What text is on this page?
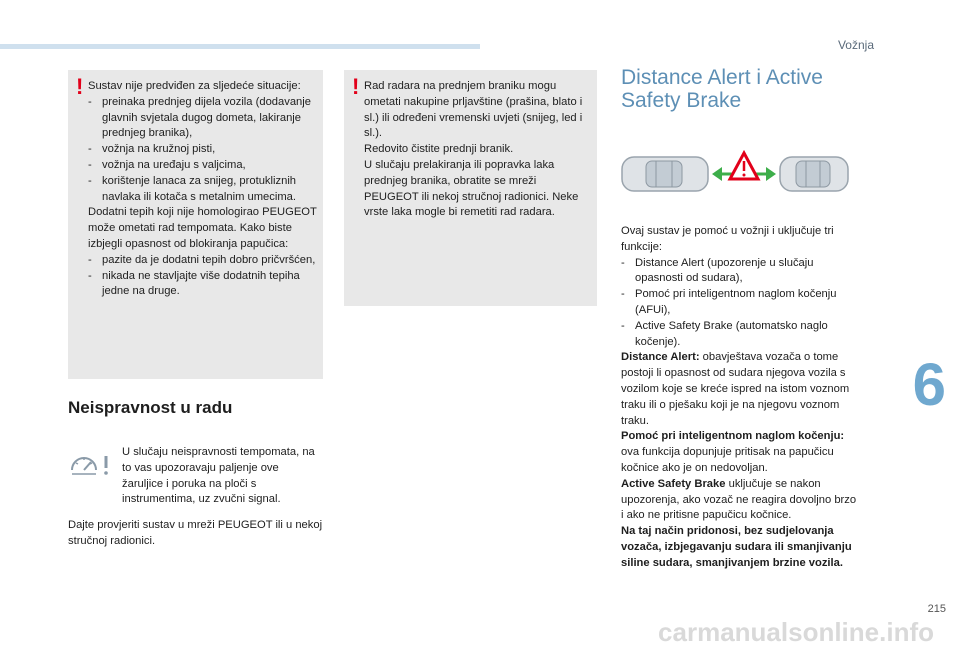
Vožnja
6
215
carmanualsonline.info
! Sustav nije predviđen za sljedeće situacije:

- preinaka prednjeg dijela vozila (dodavanje glavnih svjetala dugog dometa, lakiranje prednjeg branika),
- vožnja na kružnoj pisti,
- vožnja na uređaju s valjcima,
- korištenje lanaca za snijeg, protukliznih navlaka ili kotača s metalnim umecima.

Dodatni tepih koji nije homologirao PEUGEOT može ometati rad tempomata. Kako biste izbjegli opasnost od blokiranja papučica:

- pazite da je dodatni tepih dobro pričvršćen,
- nikada ne stavljajte više dodatnih tepiha jedne na druge.
! Rad radara na prednjem braniku mogu ometati nakupine prljavštine (prašina, blato i sl.) ili određeni vremenski uvjeti (snijeg, led i sl.).

Redovito čistite prednji branik.

U slučaju prelakiranja ili popravka laka prednjeg branika, obratite se mreži PEUGEOT ili nekoj stručnoj radionici. Neke vrste laka mogle bi remetiti rad radara.

Neispravnost u radu
U slučaju neispravnosti tempomata, na to vas upozoravaju paljenje ove žaruljice i poruka na ploči s instrumentima, uz zvučni signal.
Dajte provjeriti sustav u mreži PEUGEOT ili u nekoj stručnoj radionici.
Distance Alert i Active Safety Brake

Ovaj sustav je pomoć u vožnji i uključuje tri funkcije:

- Distance Alert (upozorenje u slučaju opasnosti od sudara),
- Pomoć pri inteligentnom naglom kočenju (AFUi),
- Active Safety Brake (automatsko naglo kočenje).

Distance Alert: obavještava vozača o tome postoji li opasnost od sudara njegova vozila s vozilom koje se kreće ispred na istom voznom traku ili o pješaku koji je na njegovu voznom traku.

Pomoć pri inteligentnom naglom kočenju: ova funkcija dopunjuje pritisak na papučicu kočnice ako je on nedovoljan.

Active Safety Brake uključuje se nakon upozorenja, ako vozač ne reagira dovoljno brzo i ako ne pritisne papučicu kočnice.

Na taj način pridonosi, bez sudjelovanja vozača, izbjegavanju sudara ili smanjivanju siline sudara, smanjivanjem brzine vozila.
